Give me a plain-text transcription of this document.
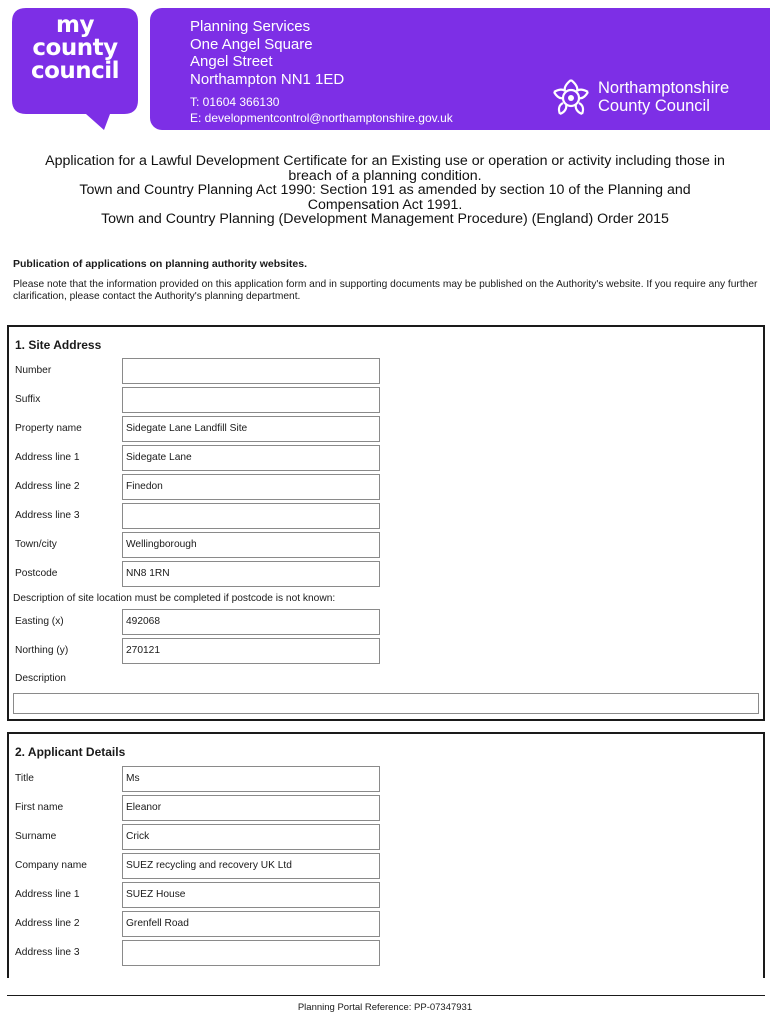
my
county
council
Planning Services
One Angel Square
Angel Street
Northampton NN1 1ED
T: 01604 366130
E: developmentcontrol@northamptonshire.gov.uk
Northamptonshire
County Council
Application for a Lawful Development Certificate for an Existing use or operation or activity including those in
breach of a planning condition.
Town and Country Planning Act 1990: Section 191 as amended by section 10 of the Planning and
Compensation Act 1991.
Town and Country Planning (Development Management Procedure) (England) Order 2015
Publication of applications on planning authority websites.
Please note that the information provided on this application form and in supporting documents may be published on the Authority's website. If you require any further clarification, please contact the Authority's planning department.
1. Site Address
Number
Suffix
Property name	Sidegate Lane Landfill Site
Address line 1	Sidegate Lane
Address line 2	Finedon
Address line 3
Town/city	Wellingborough
Postcode	NN8 1RN
Description of site location must be completed if postcode is not known:
Easting (x)	492068
Northing (y)	270121
Description
2. Applicant Details
Title	Ms
First name	Eleanor
Surname	Crick
Company name	SUEZ recycling and recovery UK Ltd
Address line 1	SUEZ House
Address line 2	Grenfell Road
Address line 3
Planning Portal Reference: PP-07347931
